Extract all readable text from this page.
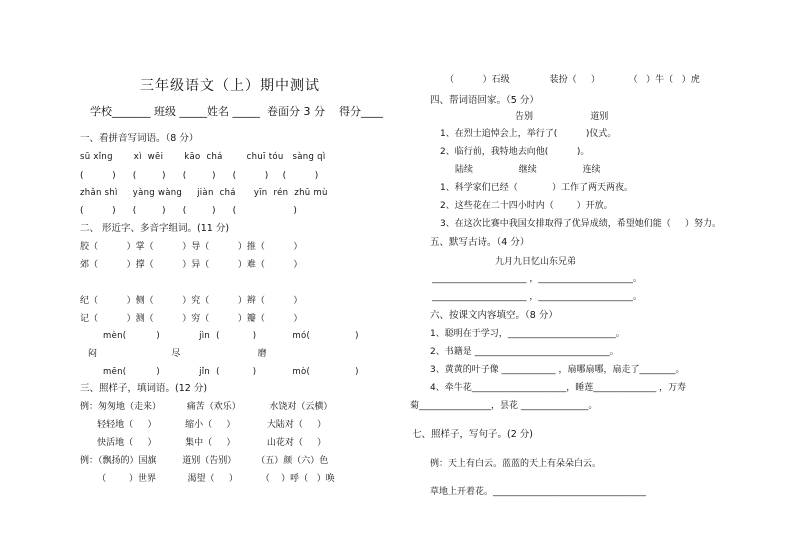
三年级语文（上）期中测试
学校_______ 班级 _____姓名 _____  卷面分 3 分    得分____
一、看拼音写词语。（8 分）
sū xǐng       xì  wēi       kāo  chá        chuī tóu   sàng qì
(          )      (         )      (         )      (          )     (          )
zhǎn shì     yàng wàng     jiàn  chá      yīn  rén  zhū mù
(          )      (         )      (         )      (                    )
二、 形近字、多音字组词。(11 分)
胶（          ）掌（          ）导（          ）推（          ）
郊（          ）撑（          ）异（          ）难（          ）
纪（          ）侧（          ）究（          ）辫（          ）
记（          ）测（          ）穷（          ）瓣（          ）
mèn(          )             jìn  (           )            mó(               )
闷                          尽                           磨
mēn(          )             jǐn  (           )            mò(               )
三、照样子，填词语。(12 分)
例：匆匆地（走来）         痛苦（欢乐）          水饶对（云横）
轻轻地（     ）          缩小（     ）           大陆对（     ）
快活地（     ）          集中（     ）           山花对（     ）
例：（飘扬的）国旗         道别（告别）       （五）颜（六）色
（        ）世界           渴望（     ）        （    ）呼（   ）唤
（          ）石级              装扮（     ）          （   ）牛（   ）虎
四、帮词语回家。（5 分）
告别                    道别
1、在烈士追悼会上，举行了(          )仪式。
2、临行前，我特地去向他(          )。
陆续                继续                连续
1、科学家们已经（            ）工作了两天两夜。
2、这些花在二十四小时内（        ）开放。
3、在这次比赛中我国女排取得了优异成绩，希望她们能（     ）努力。
五、默写古诗。（4 分）
九月九日忆山东兄弟
_____________________ ，_____________________。
_____________________ ，_____________________。
六、按课文内容填空。（8 分）
1、聪明在于学习，________________________。
2、书籍是 ______________________________。
3、黄黄的叶子像 ____________ ，扇哪扇哪，扇走了________。
4、牵牛花_____________________，睡莲______________ ，万寿
菊________________，昙花 _______________。
七、照样子，写句子。(2 分)
例：天上有白云。蓝蓝的天上有朵朵白云。
草地上开着花。__________________________________
